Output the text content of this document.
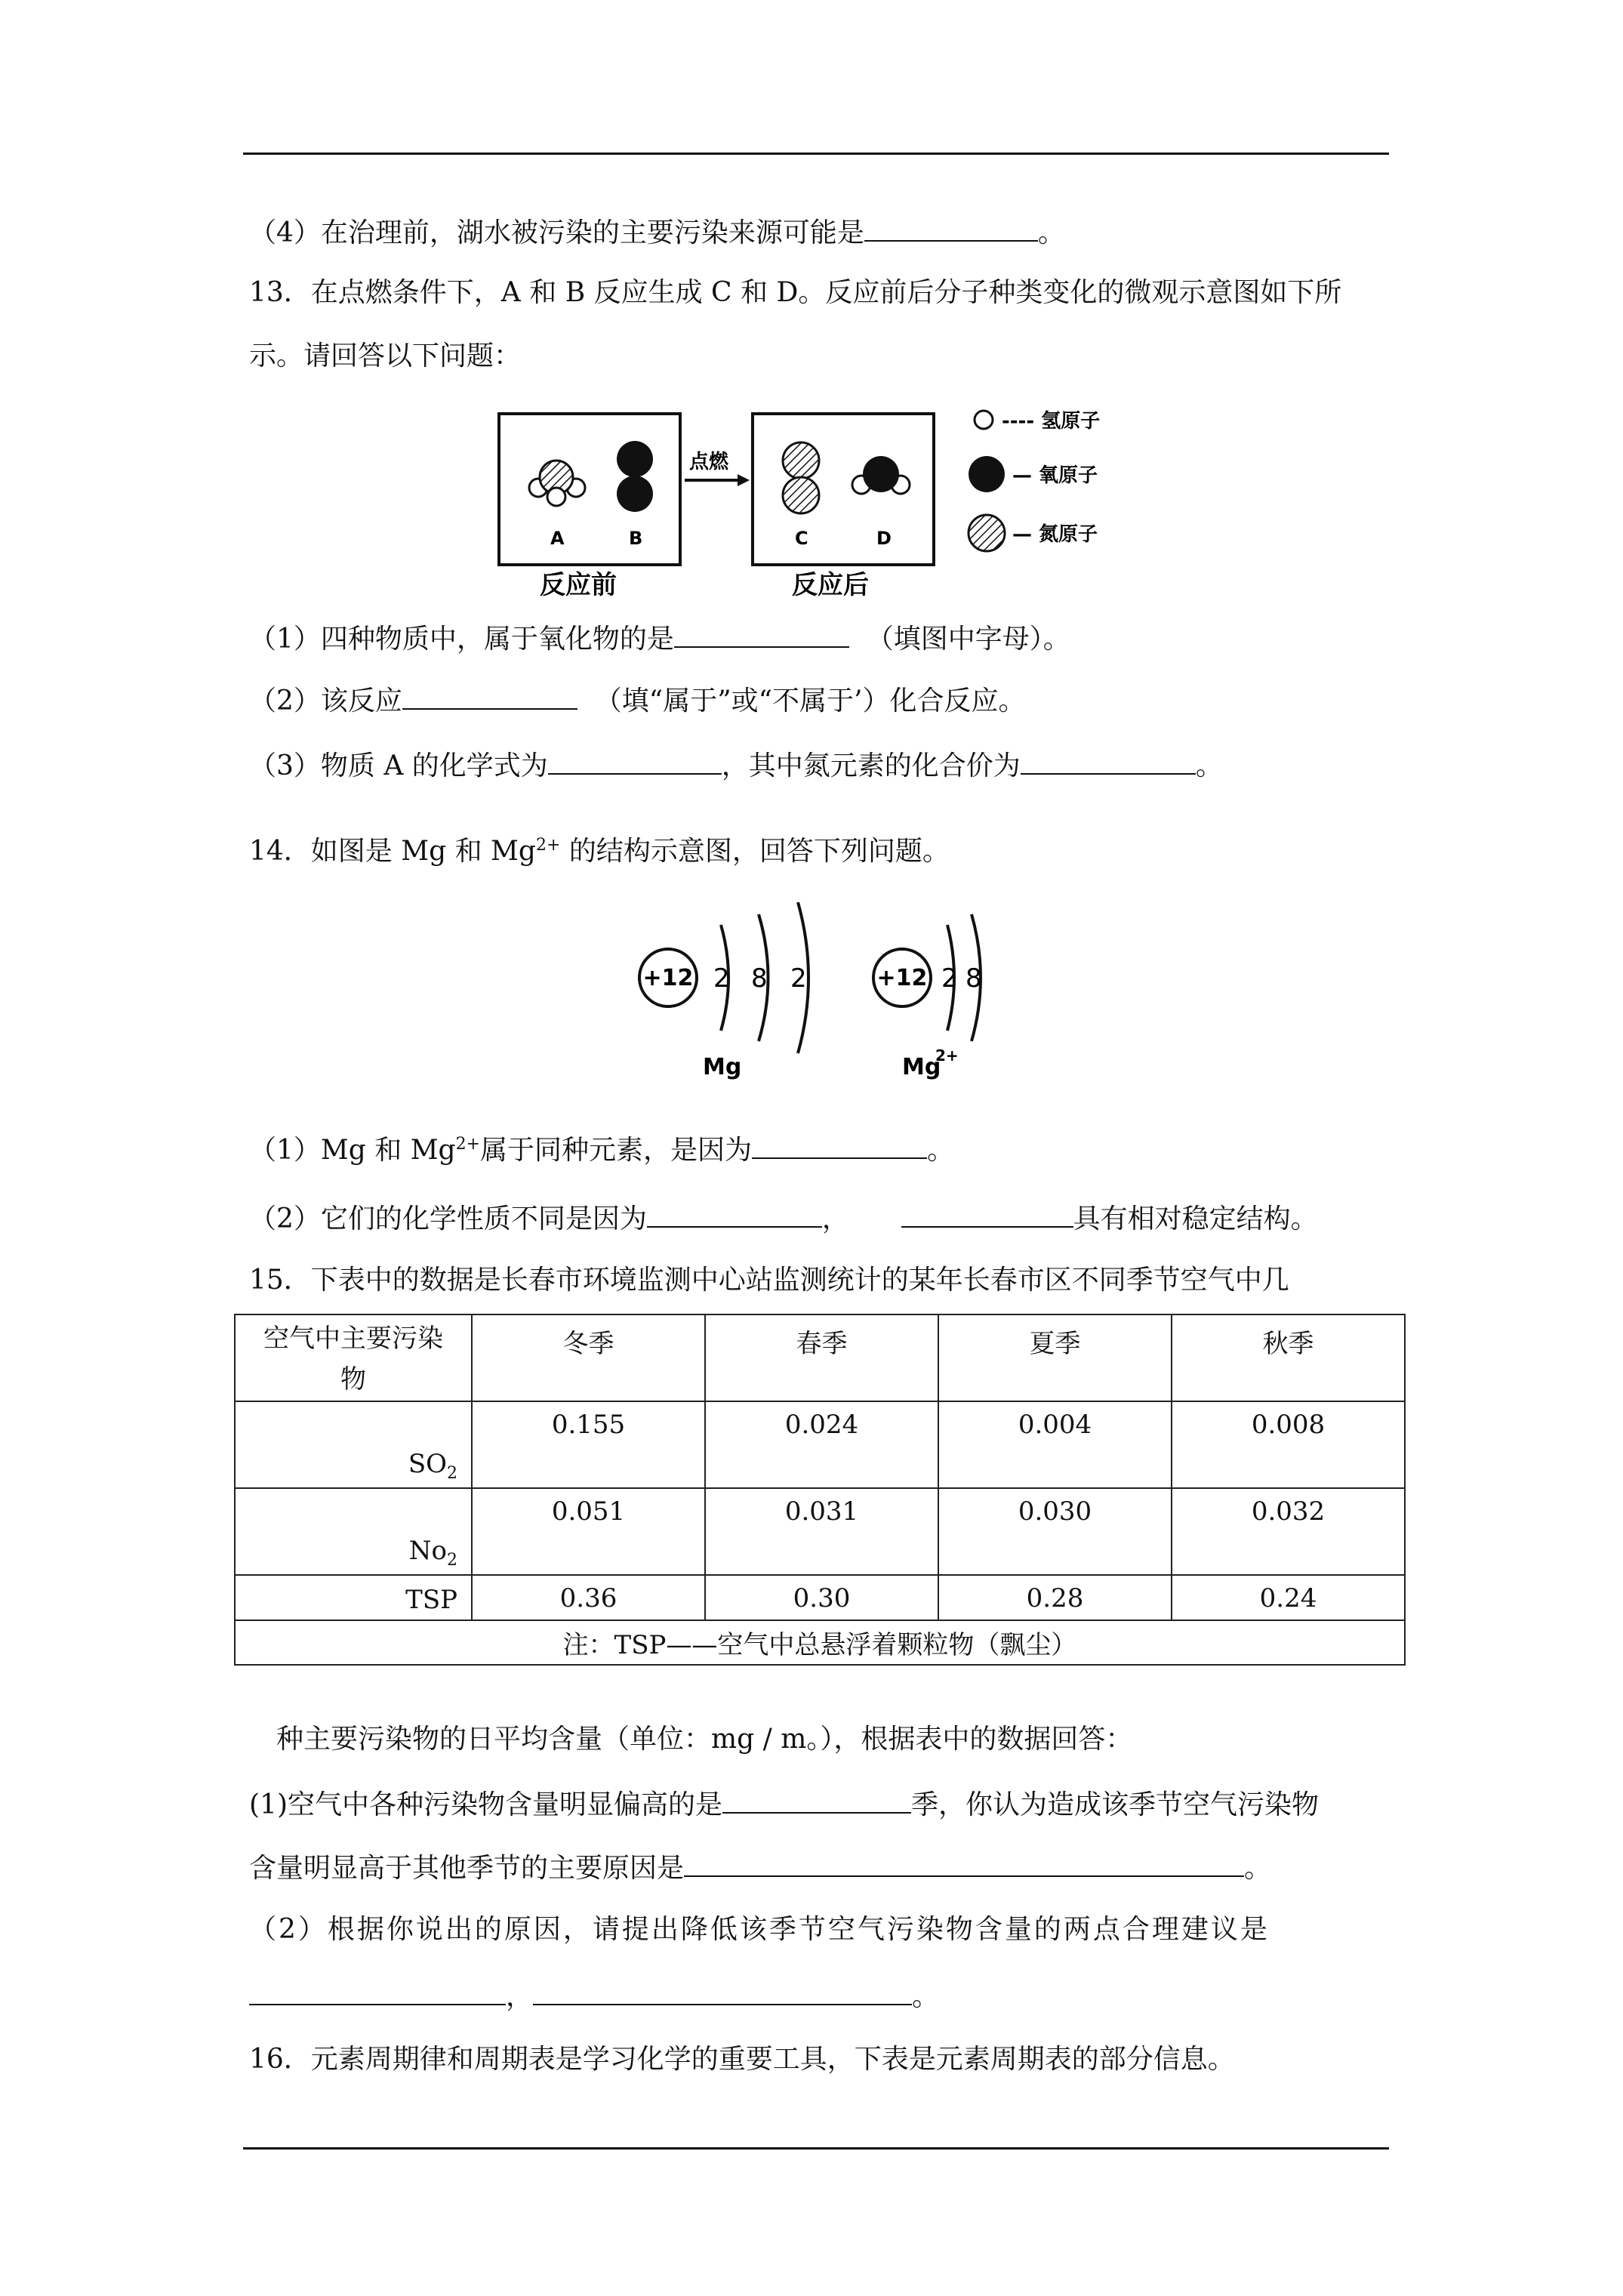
（4）在治理前，湖水被污染的主要污染来源可能是	。
13．在点燃条件下，A 和 B 反应生成 C 和 D。反应前后分子种类变化的微观示意图如下所
示。请回答以下问题：
A	B
反应前
点燃
C	D
反应后
---- 氢原子
— 氧原子
— 氮原子
（1）四种物质中，属于氧化物的是	（填图中字母）。
（2）该反应	（填“属于”或“不属于’）化合反应。
（3）物质 A 的化学式为	，其中氮元素的化合价为	。
14．如图是 Mg 和 $Mg^{2+}$ 的结构示意图，回答下列问题。
+12 2 8 2
Mg
+12 2 8
Mg
2+
（1）Mg 和 $Mg^{2+}$属于同种元素，是因为	。
（2）它们的化学性质不同是因为	，	具有相对稳定结构。
15．下表中的数据是长春市环境监测中心站监测统计的某年长春市区不同季节空气中几
空气中主要污染
物	冬季	春季	夏季	秋季
$SO_2$	0.155	0.024	0.004	0.008
$No_2$	0.051	0.031	0.030	0.032
TSP	0.36	0.30	0.28	0.24
注：TSP——空气中总悬浮着颗粒物（飘尘）				
种主要污染物的日平均含量（单位：mg / m。），根据表中的数据回答：
(1)空气中各种污染物含量明显偏高的是	季，你认为造成该季节空气污染物
含量明显高于其他季节的主要原因是	。
（2）根据你说出的原因，请提出降低该季节空气污染物含量的两点合理建议是
，	。
16．元素周期律和周期表是学习化学的重要工具，下表是元素周期表的部分信息。
